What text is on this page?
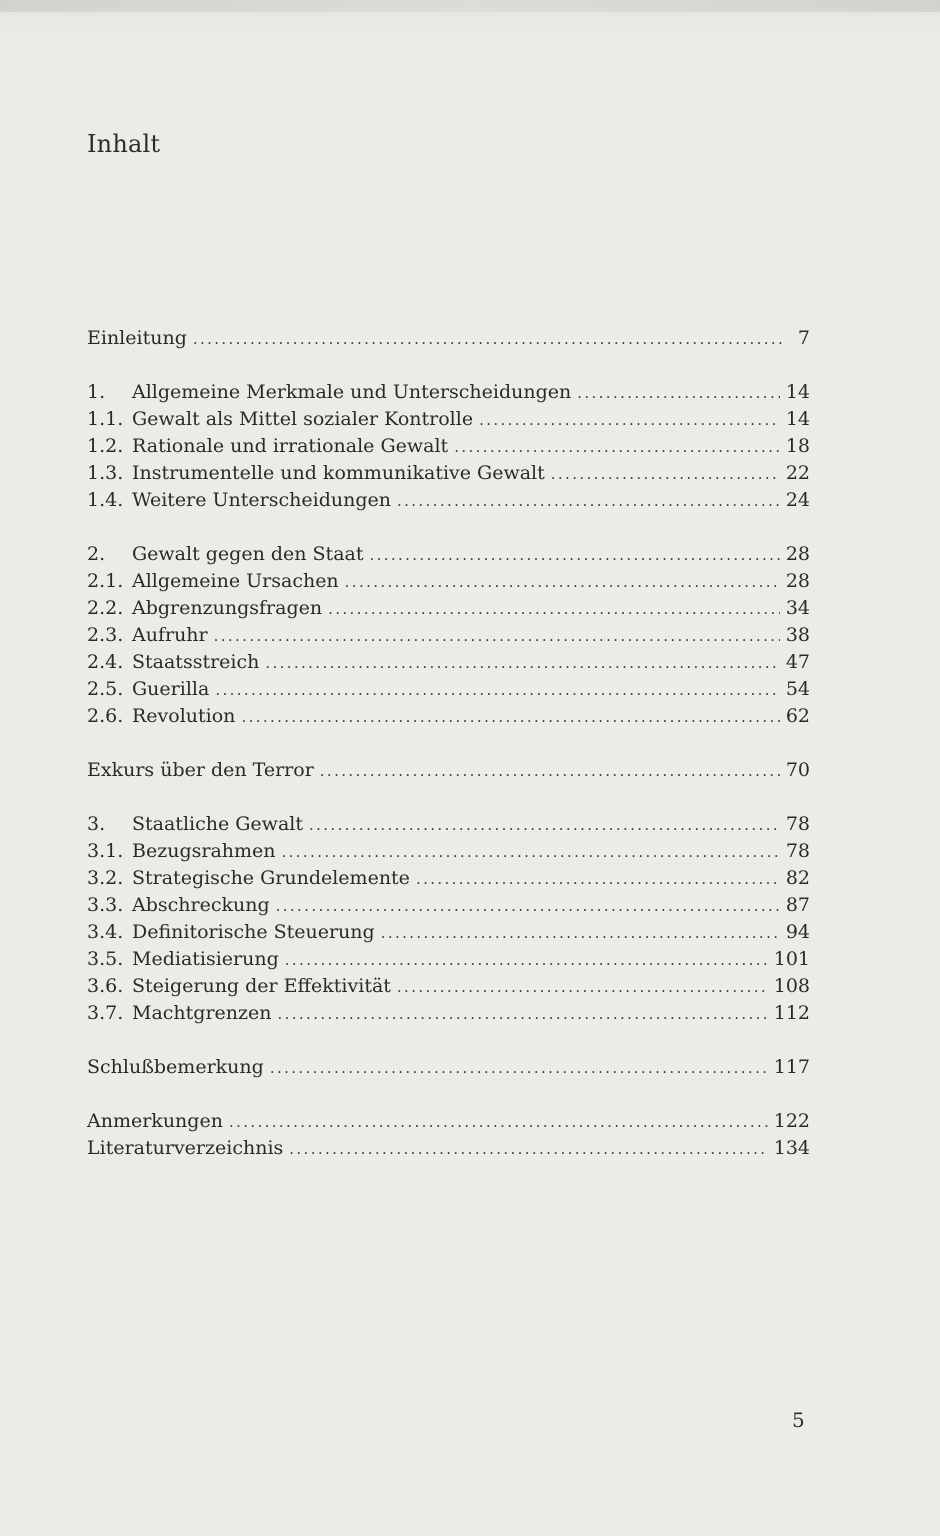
Inhalt
Einleitung . . .	7
1.	Allgemeine Merkmale und Unterscheidungen . . .	14
1.1. Gewalt als Mittel sozialer Kontrolle . . .	14
1.2. Rationale und irrationale Gewalt . . .	18
1.3. Instrumentelle und kommunikative Gewalt . . .	22
1.4. Weitere Unterscheidungen . . .	24
2.	Gewalt gegen den Staat . . .	28
2.1. Allgemeine Ursachen . . .	28
2.2. Abgrenzungsfragen . . .	34
2.3. Aufruhr . . .	38
2.4. Staatsstreich . . .	47
2.5. Guerilla . . .	54
2.6. Revolution . . .	62
Exkurs über den Terror . . .	70
3.	Staatliche Gewalt . . .	78
3.1. Bezugsrahmen . . .	78
3.2. Strategische Grundelemente . . .	82
3.3. Abschreckung . . .	87
3.4. Definitorische Steuerung . . .	94
3.5. Mediatisierung . . .	101
3.6. Steigerung der Effektivität . . .	108
3.7. Machtgrenzen . . .	112
Schlußbemerkung . . .	117
Anmerkungen . . .	122
Literaturverzeichnis . . .	134
5
